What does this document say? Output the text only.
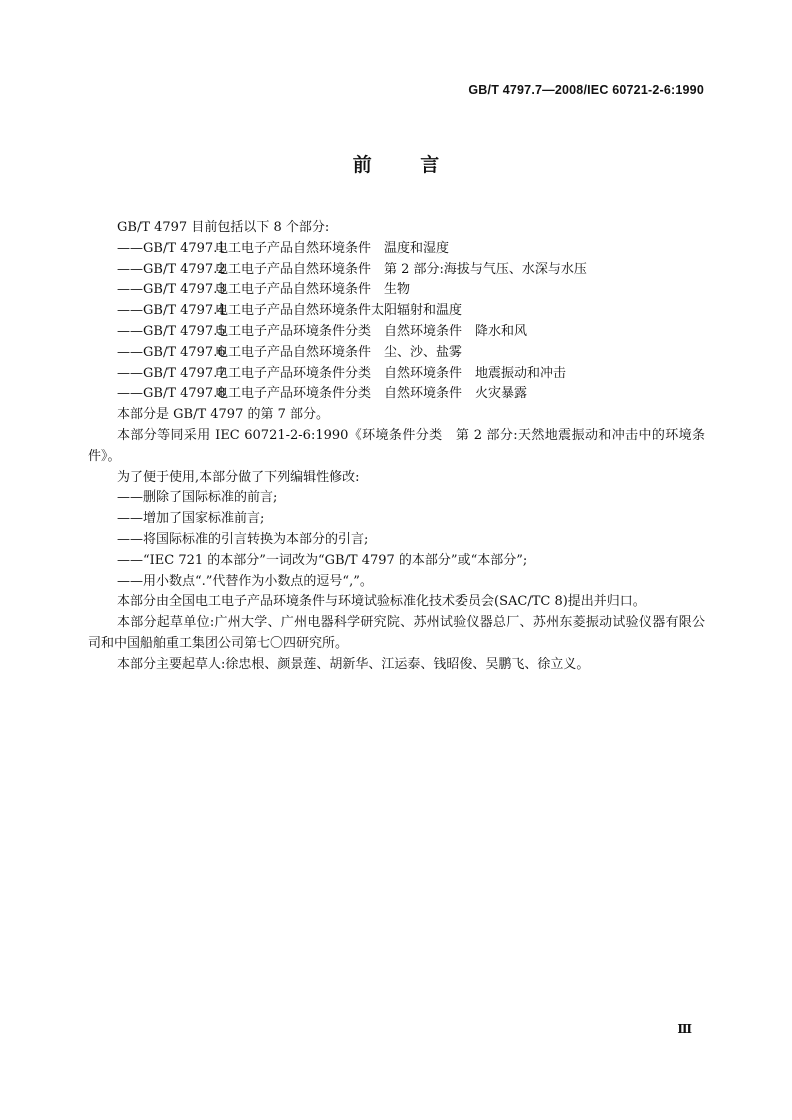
GB/T 4797.7—2008/IEC 60721-2-6:1990
前 言
GB/T 4797 目前包括以下 8 个部分:
——GB/T 4797.1电工电子产品自然环境条件　温度和湿度
——GB/T 4797.2电工电子产品自然环境条件　第 2 部分:海拔与气压、水深与水压
——GB/T 4797.3电工电子产品自然环境条件　生物
——GB/T 4797.4电工电子产品自然环境条件太阳辐射和温度
——GB/T 4797.5电工电子产品环境条件分类　自然环境条件　降水和风
——GB/T 4797.6电工电子产品自然环境条件　尘、沙、盐雾
——GB/T 4797.7电工电子产品环境条件分类　自然环境条件　地震振动和冲击
——GB/T 4797.8电工电子产品环境条件分类　自然环境条件　火灾暴露
本部分是 GB/T 4797 的第 7 部分。
本部分等同采用 IEC 60721-2-6:1990《环境条件分类　第 2 部分:天然地震振动和冲击中的环境条件》。
为了便于使用,本部分做了下列编辑性修改:
——删除了国际标准的前言;
——增加了国家标准前言;
——将国际标准的引言转换为本部分的引言;
——“IEC 721 的本部分”一词改为“GB/T 4797 的本部分”或“本部分”;
——用小数点“.”代替作为小数点的逗号“,”。
本部分由全国电工电子产品环境条件与环境试验标准化技术委员会(SAC/TC 8)提出并归口。
本部分起草单位:广州大学、广州电器科学研究院、苏州试验仪器总厂、苏州东菱振动试验仪器有限公司和中国船舶重工集团公司第七〇四研究所。
本部分主要起草人:徐忠根、颜景莲、胡新华、江运泰、钱昭俊、吴鹏飞、徐立义。
Ⅲ
